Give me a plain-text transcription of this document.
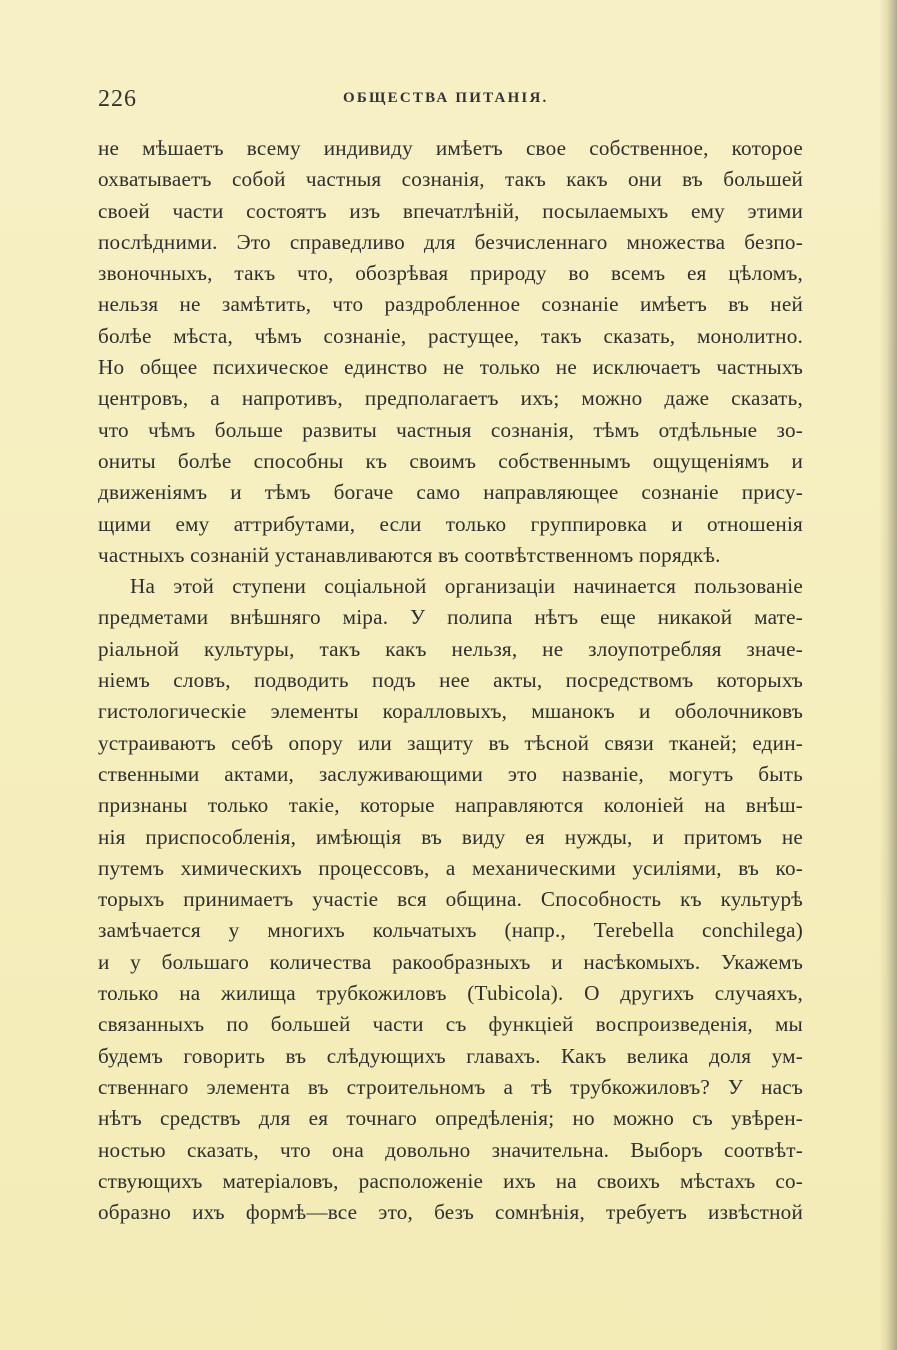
226	ОБЩЕСТВА ПИТАНІЯ.
не мѣшаетъ всему индивиду имѣетъ свое собственное, которое
охватываетъ собой частныя сознанія, такъ какъ они въ большей
своей части состоятъ изъ впечатлѣній, посылаемыхъ ему этими
послѣдними. Это справедливо для безчисленнаго множества безпо-
звоночныхъ, такъ что, обозрѣвая природу во всемъ ея цѣломъ,
нельзя не замѣтить, что раздробленное сознаніе имѣетъ въ ней
болѣе мѣста, чѣмъ сознаніе, растущее, такъ сказать, монолитно.
Но общее психическое единство не только не исключаетъ частныхъ
центровъ, а напротивъ, предполагаетъ ихъ; можно даже сказать,
что чѣмъ больше развиты частныя сознанія, тѣмъ отдѣльные зо-
ониты болѣе способны къ своимъ собственнымъ ощущеніямъ и
движеніямъ и тѣмъ богаче само направляющее сознаніе прису-
щими ему аттрибутами, если только группировка и отношенія
частныхъ сознаній устанавливаются въ соотвѣтственномъ порядкѣ.
На этой ступени соціальной организаціи начинается пользованіе
предметами внѣшняго міра. У полипа нѣтъ еще никакой мате-
ріальной культуры, такъ какъ нельзя, не злоупотребляя значе-
ніемъ словъ, подводить подъ нее акты, посредствомъ которыхъ
гистологическіе элементы коралловыхъ, мшанокъ и оболочниковъ
устраиваютъ себѣ опору или защиту въ тѣсной связи тканей; един-
ственными актами, заслуживающими это названіе, могутъ быть
признаны только такіе, которые направляются колоніей на внѣш-
нія приспособленія, имѣющія въ виду ея нужды, и притомъ не
путемъ химическихъ процессовъ, а механическими усиліями, въ ко-
торыхъ принимаетъ участіе вся община. Способность къ культурѣ
замѣчается у многихъ кольчатыхъ (напр., Terebella conchilega)
и у большаго количества ракообразныхъ и насѣкомыхъ. Укажемъ
только на жилища трубкожиловъ (Tubicola). О другихъ случаяхъ,
связанныхъ по большей части съ функціей воспроизведенія, мы
будемъ говорить въ слѣдующихъ главахъ. Какъ велика доля ум-
ственнаго элемента въ строительномъ а тѣ трубкожиловъ? У насъ
нѣтъ средствъ для ея точнаго опредѣленія; но можно съ увѣрен-
ностью сказать, что она довольно значительна. Выборъ соотвѣт-
ствующихъ матеріаловъ, расположеніе ихъ на своихъ мѣстахъ со-
образно ихъ формѣ—все это, безъ сомнѣнія, требуетъ извѣстной
